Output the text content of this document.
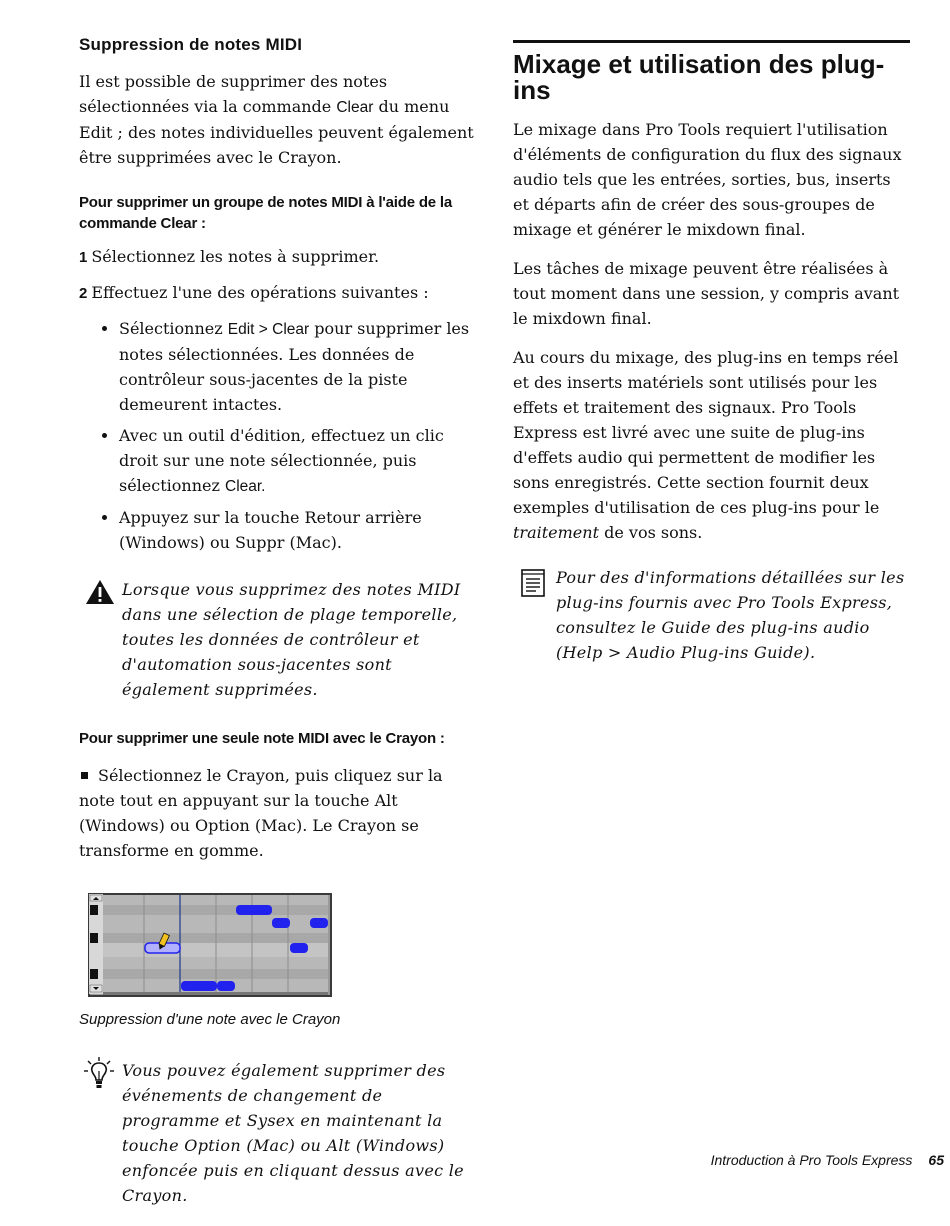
Suppression de notes MIDI

Il est possible de supprimer des notes sélectionnées via la commande Clear du menu Edit ; des notes individuelles peuvent également être supprimées avec le Crayon.

Pour supprimer un groupe de notes MIDI à l'aide de la commande Clear :
1 Sélectionnez les notes à supprimer.
2 Effectuez l'une des opérations suivantes :
• Sélectionnez Edit > Clear pour supprimer les notes sélectionnées. Les données de contrôleur sous-jacentes de la piste demeurent intactes.
• Avec un outil d'édition, effectuez un clic droit sur une note sélectionnée, puis sélectionnez Clear.
• Appuyez sur la touche Retour arrière (Windows) ou Suppr (Mac).
Lorsque vous supprimez des notes MIDI dans une sélection de plage temporelle, toutes les données de contrôleur et d'automation sous-jacentes sont également supprimées.
Pour supprimer une seule note MIDI avec le Crayon :
Sélectionnez le Crayon, puis cliquez sur la note tout en appuyant sur la touche Alt (Windows) ou Option (Mac). Le Crayon se transforme en gomme.
Suppression d'une note avec le Crayon
Vous pouvez également supprimer des événements de changement de programme et Sysex en maintenant la touche Option (Mac) ou Alt (Windows) enfoncée puis en cliquant dessus avec le Crayon.
Mixage et utilisation des plug-ins

Le mixage dans Pro Tools requiert l'utilisation d'éléments de configuration du flux des signaux audio tels que les entrées, sorties, bus, inserts et départs afin de créer des sous-groupes de mixage et générer le mixdown final.

Les tâches de mixage peuvent être réalisées à tout moment dans une session, y compris avant le mixdown final.

Au cours du mixage, des plug-ins en temps réel et des inserts matériels sont utilisés pour les effets et traitement des signaux. Pro Tools Express est livré avec une suite de plug-ins d'effets audio qui permettent de modifier les sons enregistrés. Cette section fournit deux exemples d'utilisation de ces plug-ins pour le traitement de vos sons.

Pour des d'informations détaillées sur les plug-ins fournis avec Pro Tools Express, consultez le Guide des plug-ins audio (Help > Audio Plug-ins Guide).
Introduction à Pro Tools Express 65
